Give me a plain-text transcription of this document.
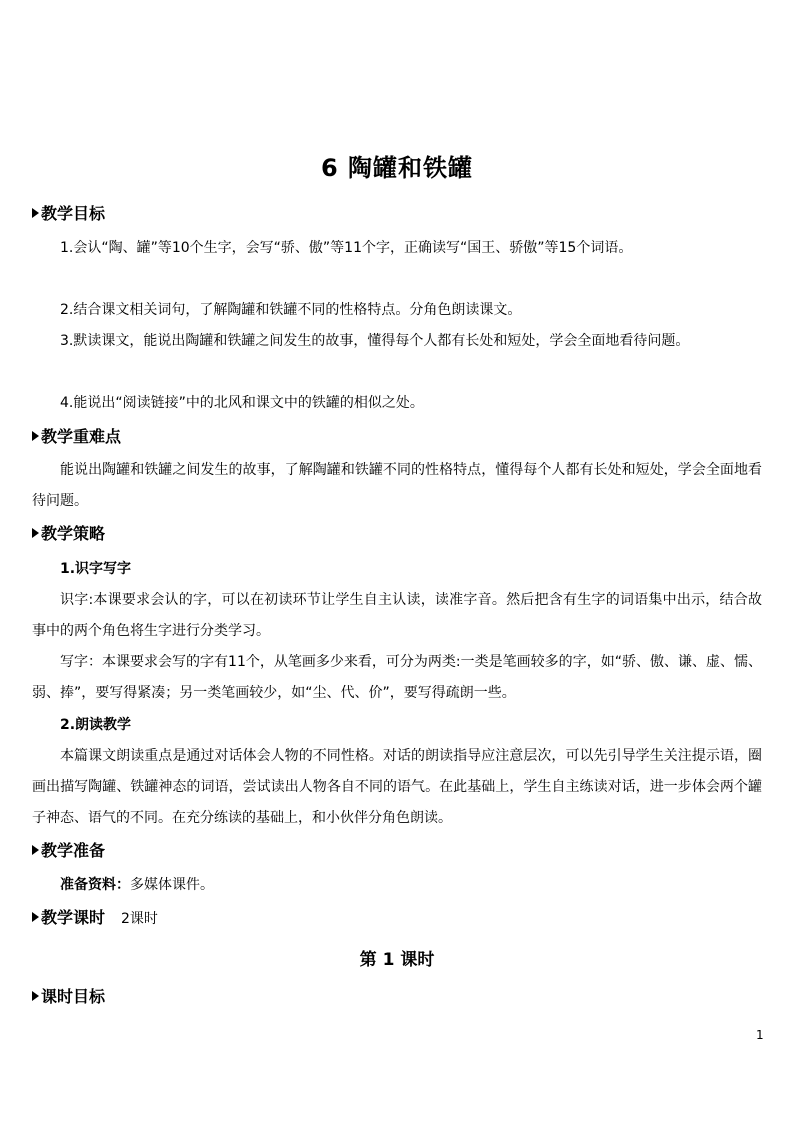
6 陶罐和铁罐
教学目标
1.会认“陶、罐”等10个生字，会写“骄、傲”等11个字，正确读写“国王、骄傲”等15个词语。
2.结合课文相关词句，了解陶罐和铁罐不同的性格特点。分角色朗读课文。
3.默读课文，能说出陶罐和铁罐之间发生的故事，懂得每个人都有长处和短处，学会全面地看待问题。
4.能说出“阅读链接”中的北风和课文中的铁罐的相似之处。
教学重难点
能说出陶罐和铁罐之间发生的故事，了解陶罐和铁罐不同的性格特点，懂得每个人都有长处和短处，学会全面地看待问题。
教学策略
1.识字写字
识字:本课要求会认的字，可以在初读环节让学生自主认读，读准字音。然后把含有生字的词语集中出示，结合故事中的两个角色将生字进行分类学习。
写字：本课要求会写的字有11个，从笔画多少来看，可分为两类:一类是笔画较多的字，如“骄、傲、谦、虚、懦、弱、捧”，要写得紧凑；另一类笔画较少，如“尘、代、价”，要写得疏朗一些。
2.朗读教学
本篇课文朗读重点是通过对话体会人物的不同性格。对话的朗读指导应注意层次，可以先引导学生关注提示语，圈画出描写陶罐、铁罐神态的词语，尝试读出人物各自不同的语气。在此基础上，学生自主练读对话，进一步体会两个罐子神态、语气的不同。在充分练读的基础上，和小伙伴分角色朗读。
教学准备
准备资料：多媒体课件。
教学课时 2课时
第 1 课时
课时目标
1
